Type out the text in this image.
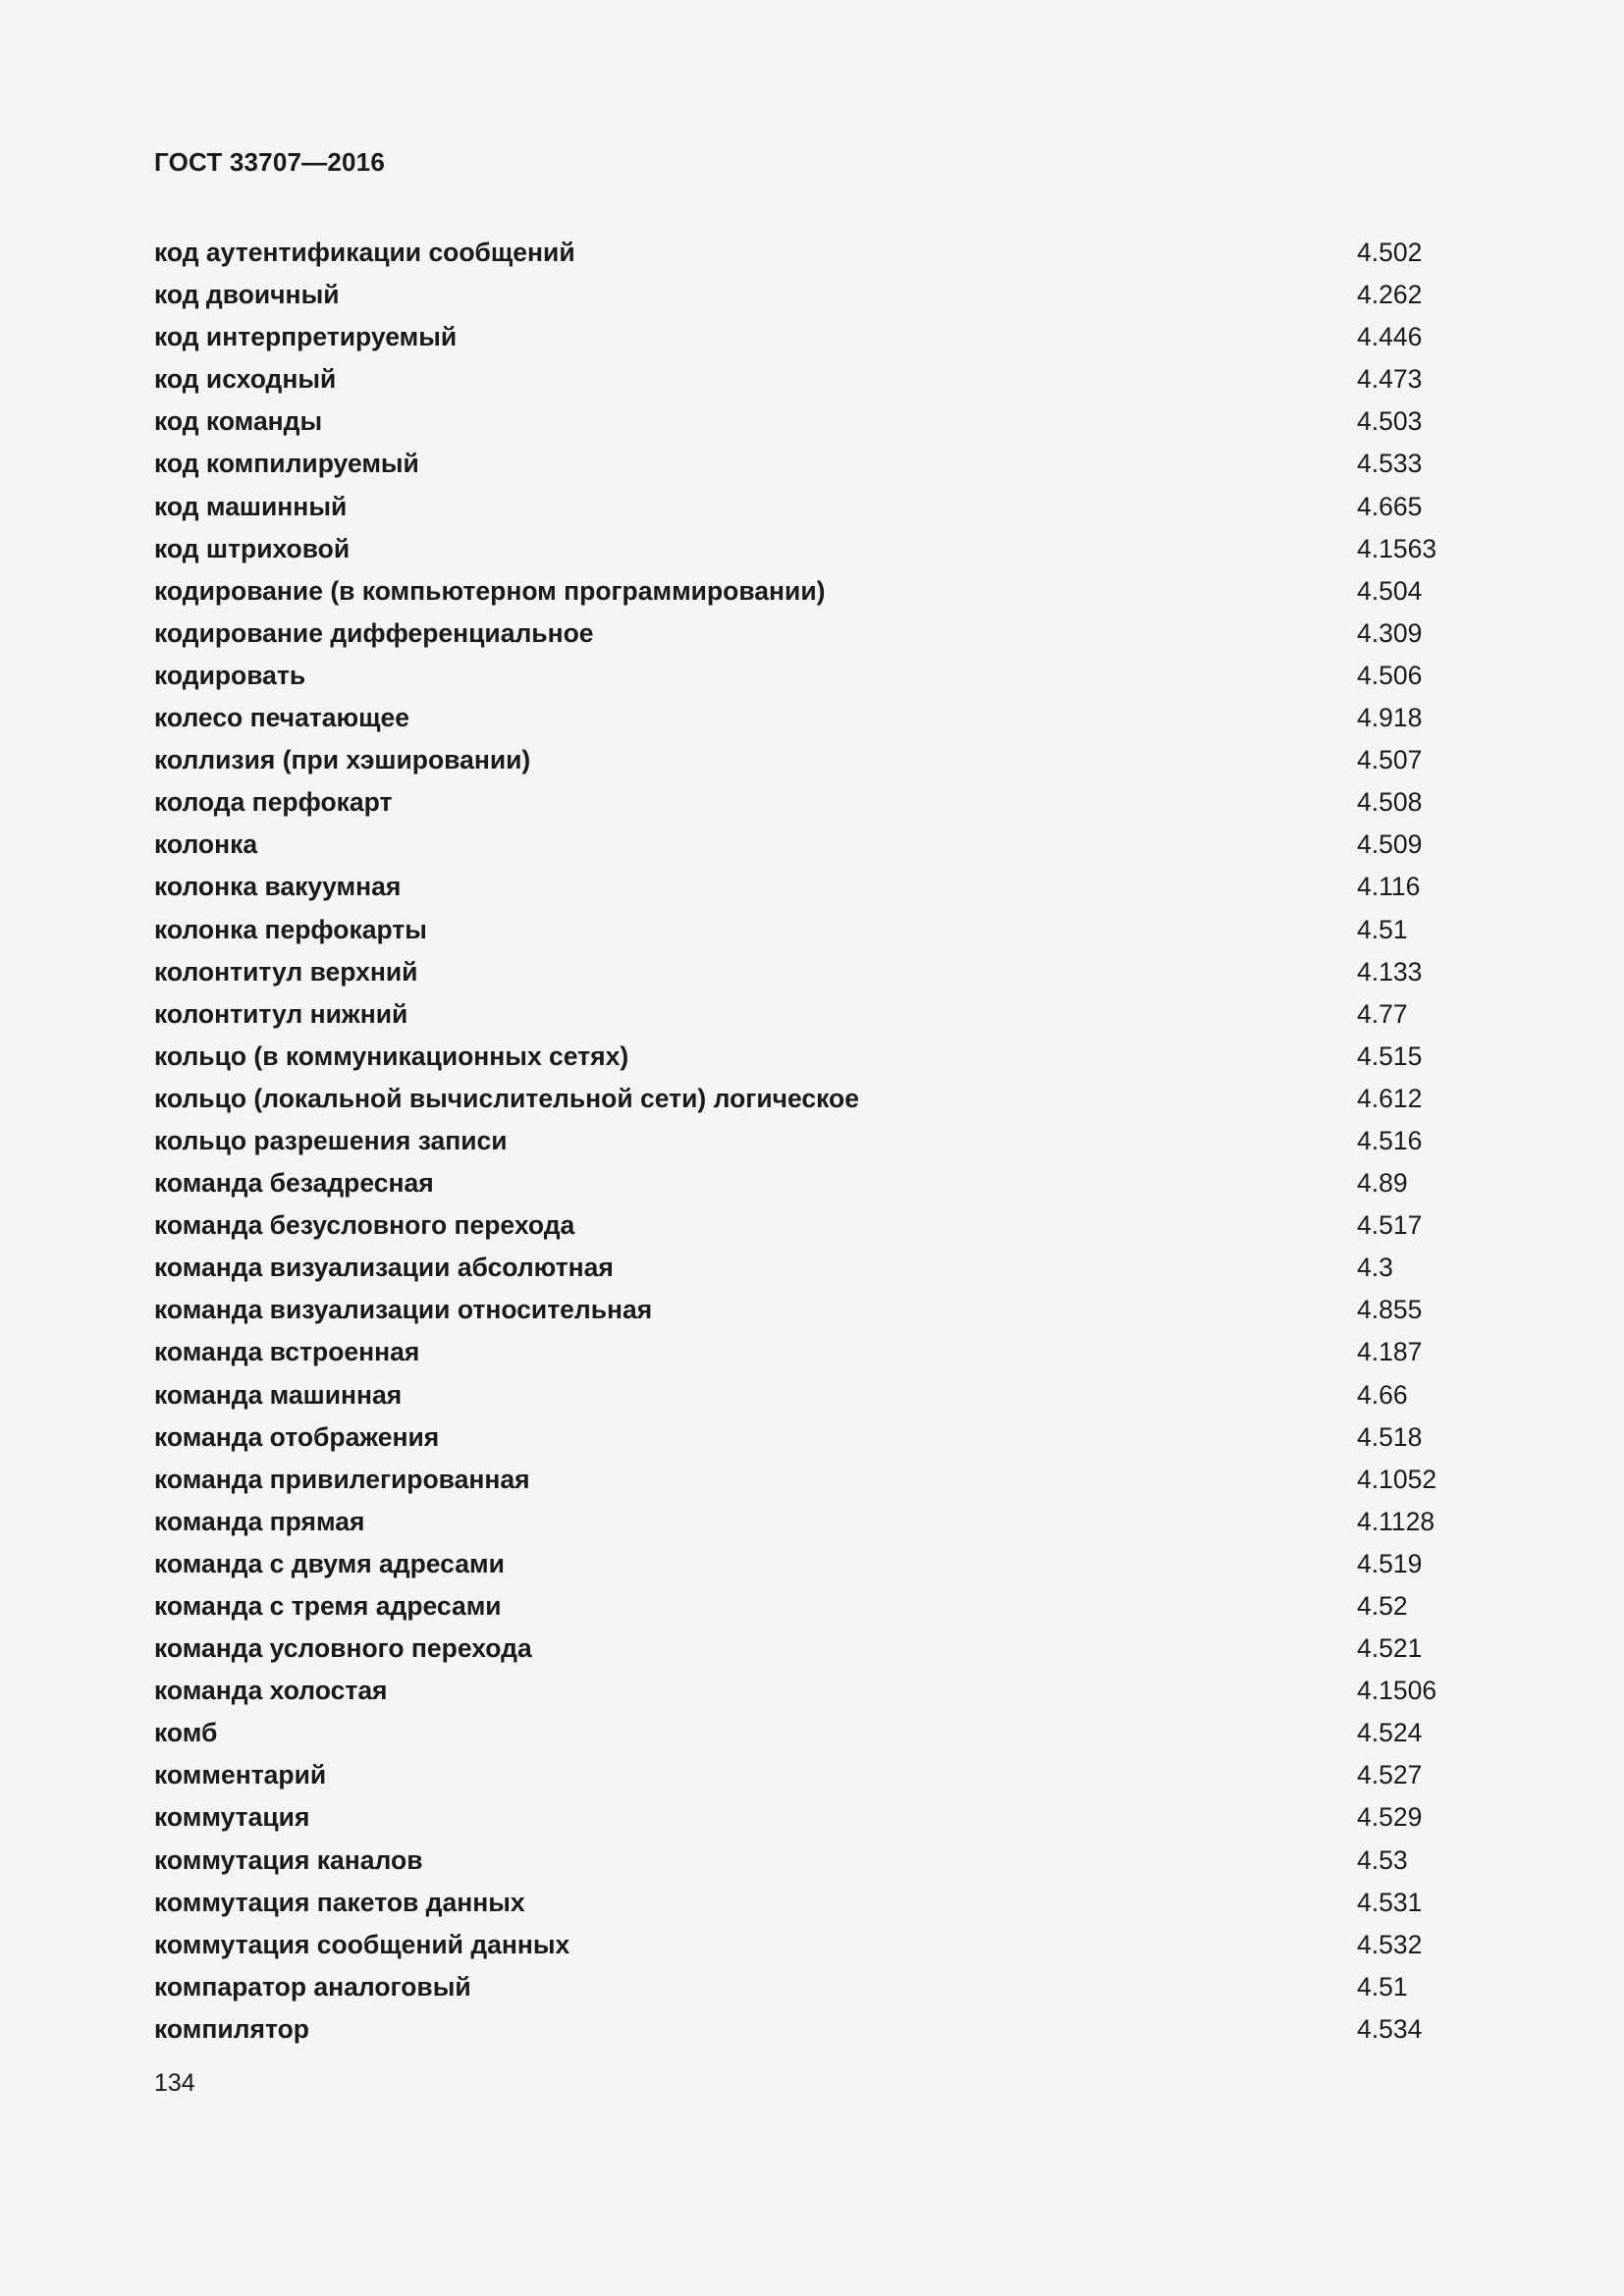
ГОСТ 33707—2016
код аутентификации сообщений	4.502
код двоичный	4.262
код интерпретируемый	4.446
код исходный	4.473
код команды	4.503
код компилируемый	4.533
код машинный	4.665
код штриховой	4.1563
кодирование (в компьютерном программировании)	4.504
кодирование дифференциальное	4.309
кодировать	4.506
колесо печатающее	4.918
коллизия (при хэшировании)	4.507
колода перфокарт	4.508
колонка	4.509
колонка вакуумная	4.116
колонка перфокарты	4.51
колонтитул верхний	4.133
колонтитул нижний	4.77
кольцо (в коммуникационных сетях)	4.515
кольцо (локальной вычислительной сети) логическое	4.612
кольцо разрешения записи	4.516
команда безадресная	4.89
команда безусловного перехода	4.517
команда визуализации абсолютная	4.3
команда визуализации относительная	4.855
команда встроенная	4.187
команда машинная	4.66
команда отображения	4.518
команда привилегированная	4.1052
команда прямая	4.1128
команда с двумя адресами	4.519
команда с тремя адресами	4.52
команда условного перехода	4.521
команда холостая	4.1506
комб	4.524
комментарий	4.527
коммутация	4.529
коммутация каналов	4.53
коммутация пакетов данных	4.531
коммутация сообщений данных	4.532
компаратор аналоговый	4.51
компилятор	4.534
134
